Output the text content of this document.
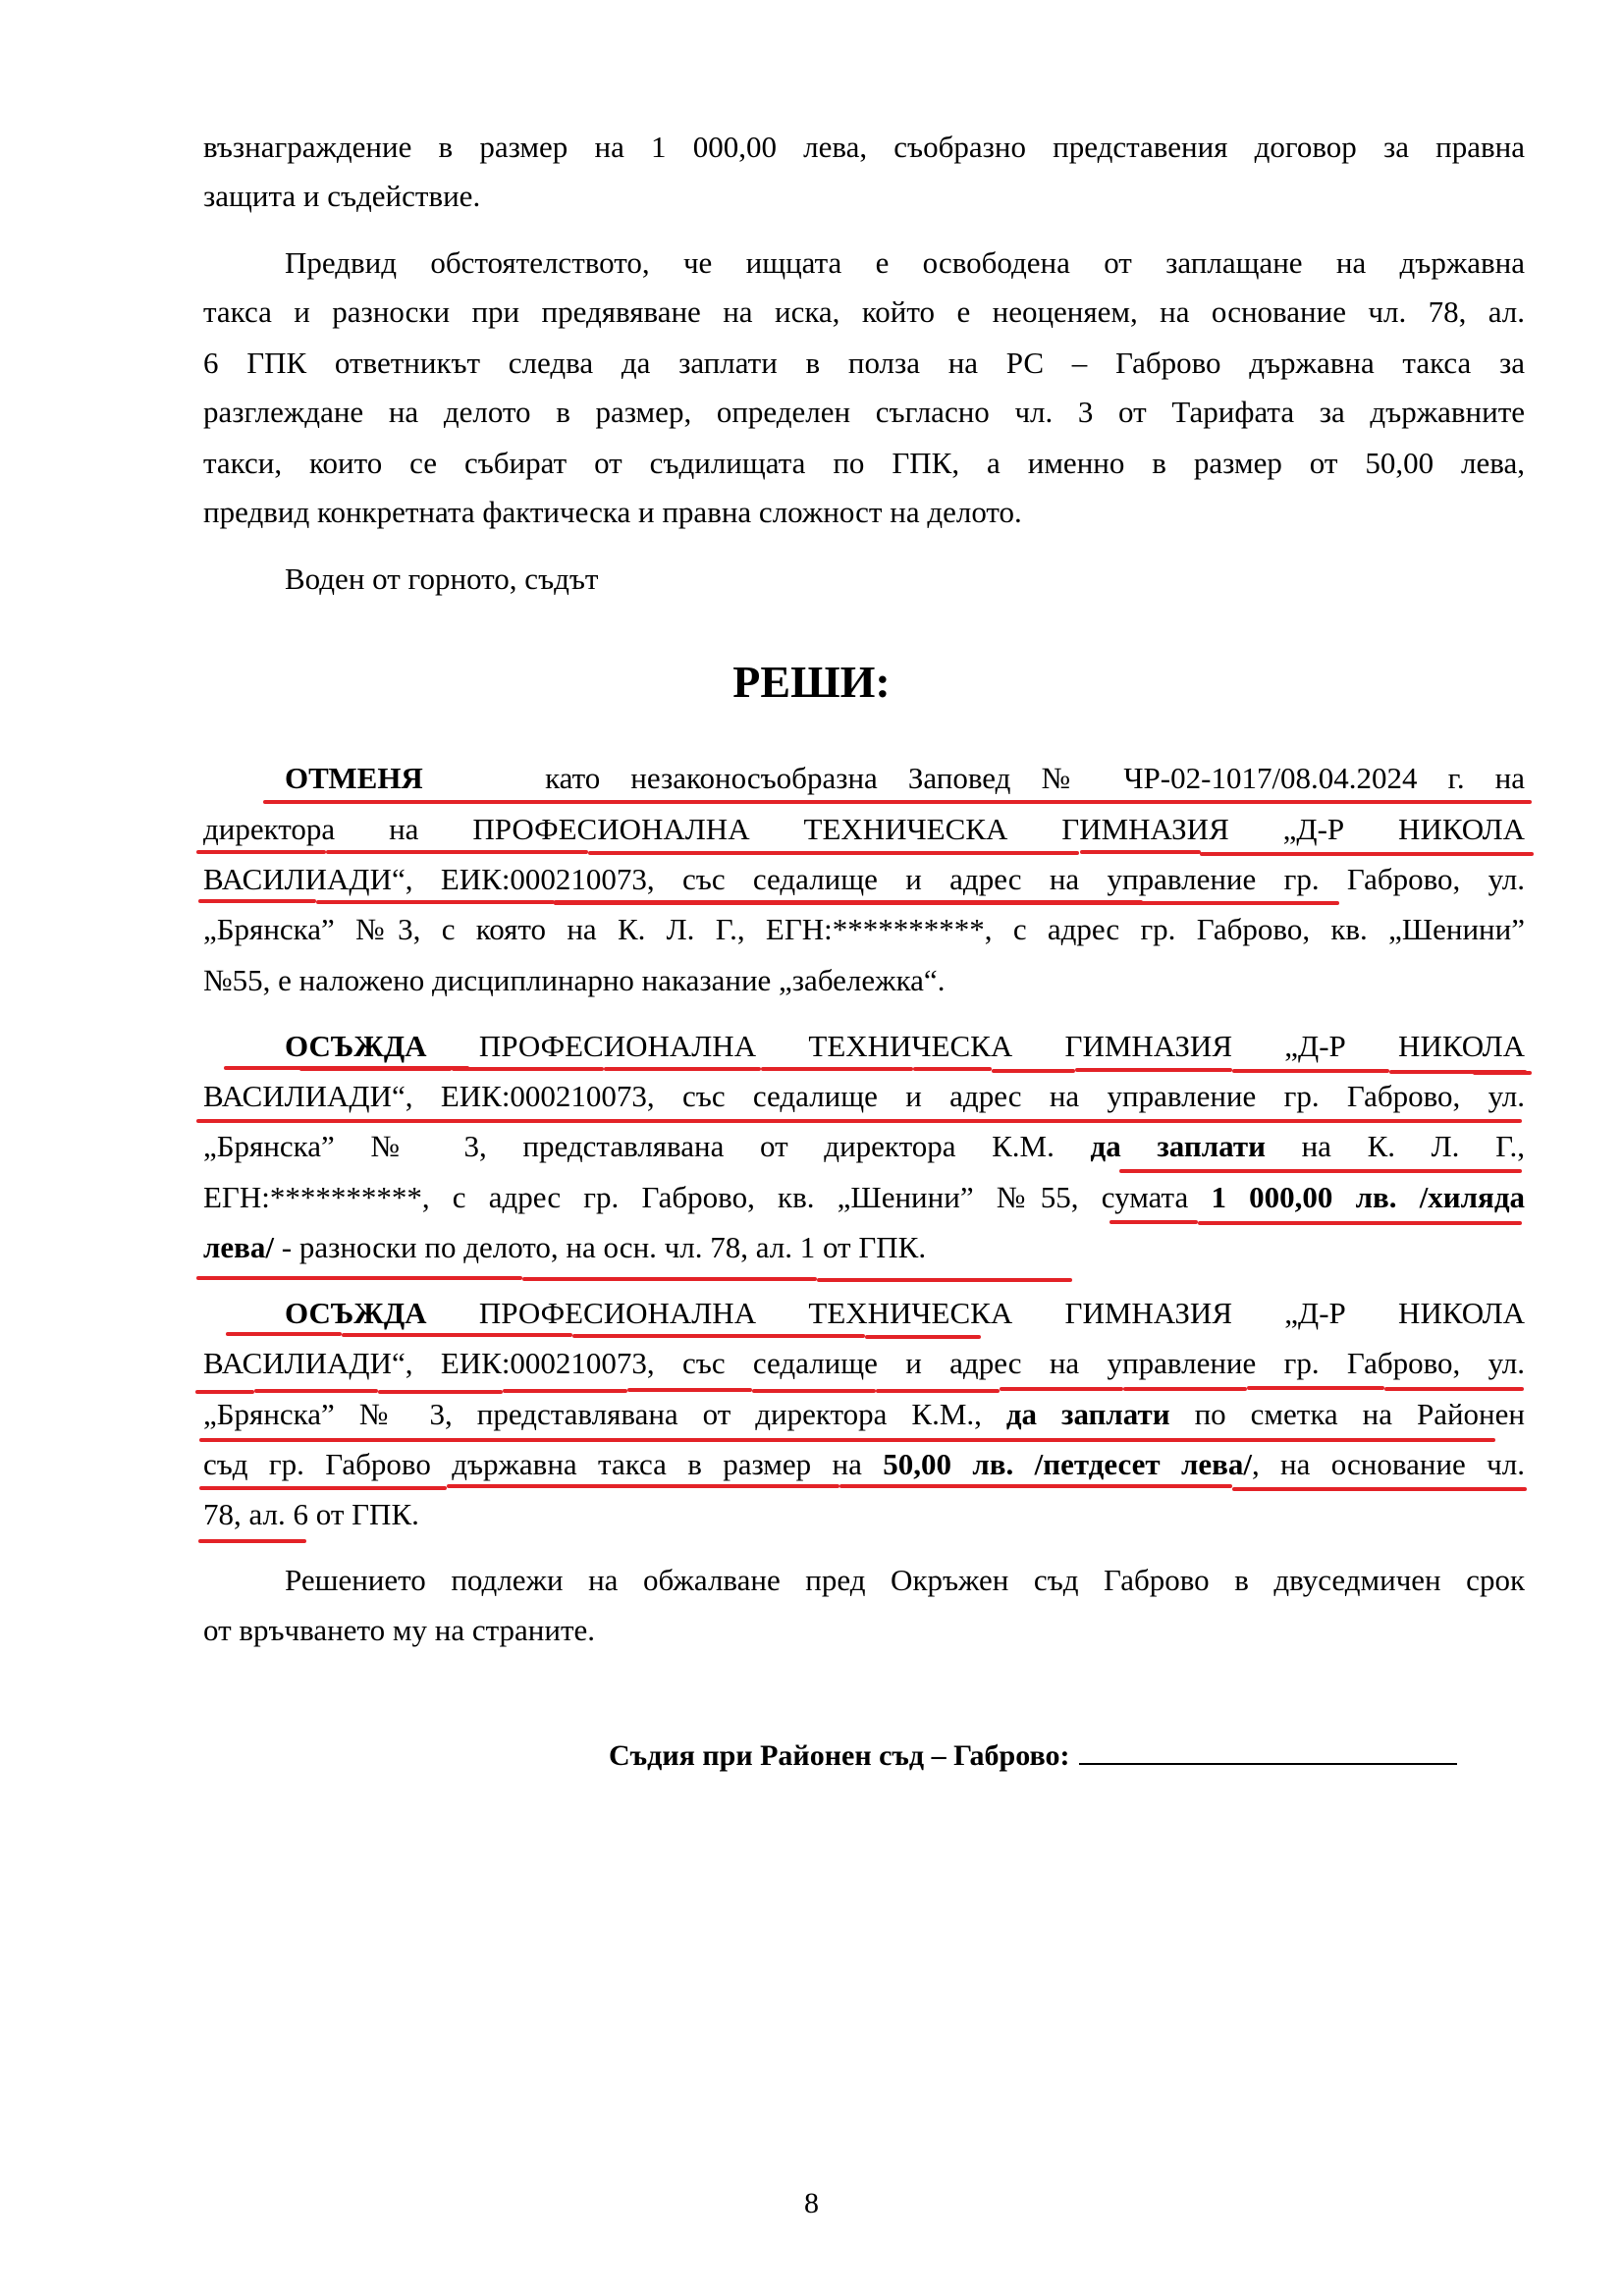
възнаграждение в размер на 1 000,00 лева, съобразно представения договор за правна
защита и съдействие.
Предвид обстоятелството, че ищцата е освободена от заплащане на държавна
такса и разноски при предявяване на иска, който е неоценяем, на основание чл. 78, ал.
6 ГПК ответникът следва да заплати в полза на РС – Габрово държавна такса за
разглеждане на делото в размер, определен съгласно чл. 3 от Тарифата за държавните
такси, които се събират от съдилищата по ГПК, а именно в размер от 50,00 лева,
предвид конкретната фактическа и правна сложност на делото.
Воден от горното, съдът
РЕШИ:
ОТМЕНЯ	като незаконосъобразна Заповед № ЧР-02-1017/08.04.2024 г. на
директора на ПРОФЕСИОНАЛНА ТЕХНИЧЕСКА ГИМНАЗИЯ „Д-Р НИКОЛА
ВАСИЛИАДИ“, ЕИК:000210073, със седалище и адрес на управление гр. Габрово, ул.
„Брянска” №3, с която на К. Л. Г., ЕГН:**********, с адрес гр. Габрово, кв. „Шенини”
№55, е наложено дисциплинарно наказание „забележка“.
ОСЪЖДА ПРОФЕСИОНАЛНА ТЕХНИЧЕСКА ГИМНАЗИЯ „Д-Р НИКОЛА
ВАСИЛИАДИ“, ЕИК:000210073, със седалище и адрес на управление гр. Габрово, ул.
„Брянска” № 3, представлявана от директора К.М. да заплати на К. Л. Г.,
ЕГН:**********, с адрес гр. Габрово, кв. „Шенини” №55, сумата 1 000,00 лв. /хиляда
лева/ - разноски по делото, на осн. чл. 78, ал. 1 от ГПК.
ОСЪЖДА ПРОФЕСИОНАЛНА ТЕХНИЧЕСКА ГИМНАЗИЯ „Д-Р НИКОЛА
ВАСИЛИАДИ“, ЕИК:000210073, със седалище и адрес на управление гр. Габрово, ул.
„Брянска” № 3, представлявана от директора К.М., да заплати по сметка на Районен
съд гр. Габрово държавна такса в размер на 50,00 лв. /петдесет лева/, на основание чл.
78, ал. 6 от ГПК.
Решението подлежи на обжалване пред Окръжен съд Габрово в двуседмичен срок
от връчването му на страните.
Съдия при Районен съд – Габрово:
8
